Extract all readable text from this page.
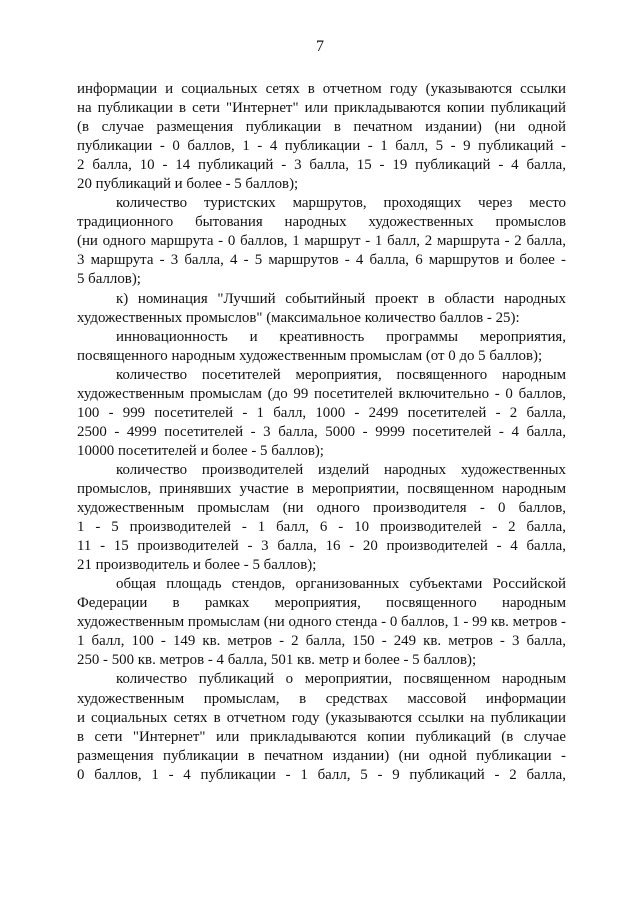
7
информации и социальных сетях в отчетном году (указываются ссылки
на публикации в сети "Интернет" или прикладываются копии публикаций
(в случае размещения публикации в печатном издании) (ни одной
публикации - 0 баллов, 1 - 4 публикации - 1 балл, 5 - 9 публикаций -
2 балла, 10 - 14 публикаций - 3 балла, 15 - 19 публикаций - 4 балла,
20 публикаций и более - 5 баллов);
количество туристских маршрутов, проходящих через место
традиционного бытования народных художественных промыслов
(ни одного маршрута - 0 баллов, 1 маршрут - 1 балл, 2 маршрута - 2 балла,
3 маршрута - 3 балла, 4 - 5 маршрутов - 4 балла, 6 маршрутов и более -
5 баллов);
к) номинация "Лучший событийный проект в области народных
художественных промыслов" (максимальное количество баллов - 25):
инновационность и креативность программы мероприятия,
посвященного народным художественным промыслам (от 0 до 5 баллов);
количество посетителей мероприятия, посвященного народным
художественным промыслам (до 99 посетителей включительно - 0 баллов,
100 - 999 посетителей - 1 балл, 1000 - 2499 посетителей - 2 балла,
2500 - 4999 посетителей - 3 балла, 5000 - 9999 посетителей - 4 балла,
10000 посетителей и более - 5 баллов);
количество производителей изделий народных художественных
промыслов, принявших участие в мероприятии, посвященном народным
художественным промыслам (ни одного производителя - 0 баллов,
1 - 5 производителей - 1 балл, 6 - 10 производителей - 2 балла,
11 - 15 производителей - 3 балла, 16 - 20 производителей - 4 балла,
21 производитель и более - 5 баллов);
общая площадь стендов, организованных субъектами Российской
Федерации в рамках мероприятия, посвященного народным
художественным промыслам (ни одного стенда - 0 баллов, 1 - 99 кв. метров -
1 балл, 100 - 149 кв. метров - 2 балла, 150 - 249 кв. метров - 3 балла,
250 - 500 кв. метров - 4 балла, 501 кв. метр и более - 5 баллов);
количество публикаций о мероприятии, посвященном народным
художественным промыслам, в средствах массовой информации
и социальных сетях в отчетном году (указываются ссылки на публикации
в сети "Интернет" или прикладываются копии публикаций (в случае
размещения публикации в печатном издании) (ни одной публикации -
0 баллов, 1 - 4 публикации - 1 балл, 5 - 9 публикаций - 2 балла,
